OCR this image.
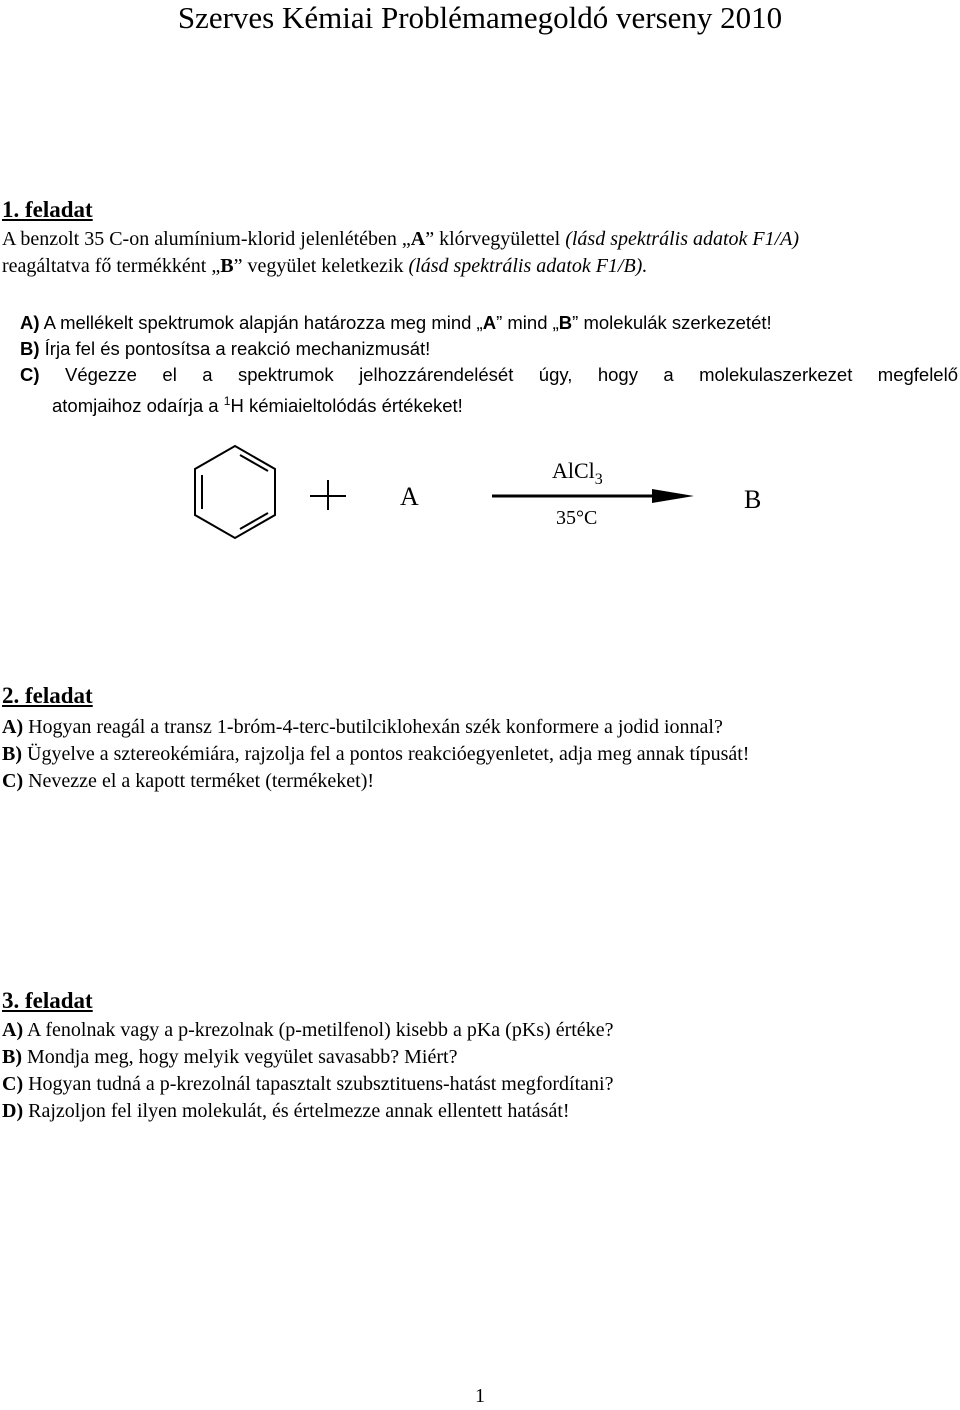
Szerves Kémiai Problémamegoldó verseny 2010
1. feladat
A benzolt 35 C-on alumínium-klorid jelenlétében „A” klórvegyülettel (lásd spektrális adatok F1/A)
reagáltatva fő termékként „B” vegyület keletkezik (lásd spektrális adatok F1/B).
A) A mellékelt spektrumok alapján határozza meg mind „A” mind „B” molekulák szerkezetét!
B) Írja fel és pontosítsa a reakció mechanizmusát!
C) Végezze el a spektrumok jelhozzárendelését úgy, hogy a molekulaszerkezet megfelelő
atomjaihoz odaírja a $^1$H kémiaieltolódás értékeket!
A
AlCl$_3$
35°C
B
2. feladat
A) Hogyan reagál a transz 1-bróm-4-terc-butilciklohexán szék konformere a jodid ionnal?
B) Ügyelve a sztereokémiára, rajzolja fel a pontos reakcióegyenletet, adja meg annak típusát!
C) Nevezze el a kapott terméket (termékeket)!
3. feladat
A) A fenolnak vagy a p-krezolnak (p-metilfenol) kisebb a pKa (pKs) értéke?
B) Mondja meg, hogy melyik vegyület savasabb? Miért?
C) Hogyan tudná a p-krezolnál tapasztalt szubsztituens-hatást megfordítani?
D) Rajzoljon fel ilyen molekulát, és értelmezze annak ellentett hatását!
1
